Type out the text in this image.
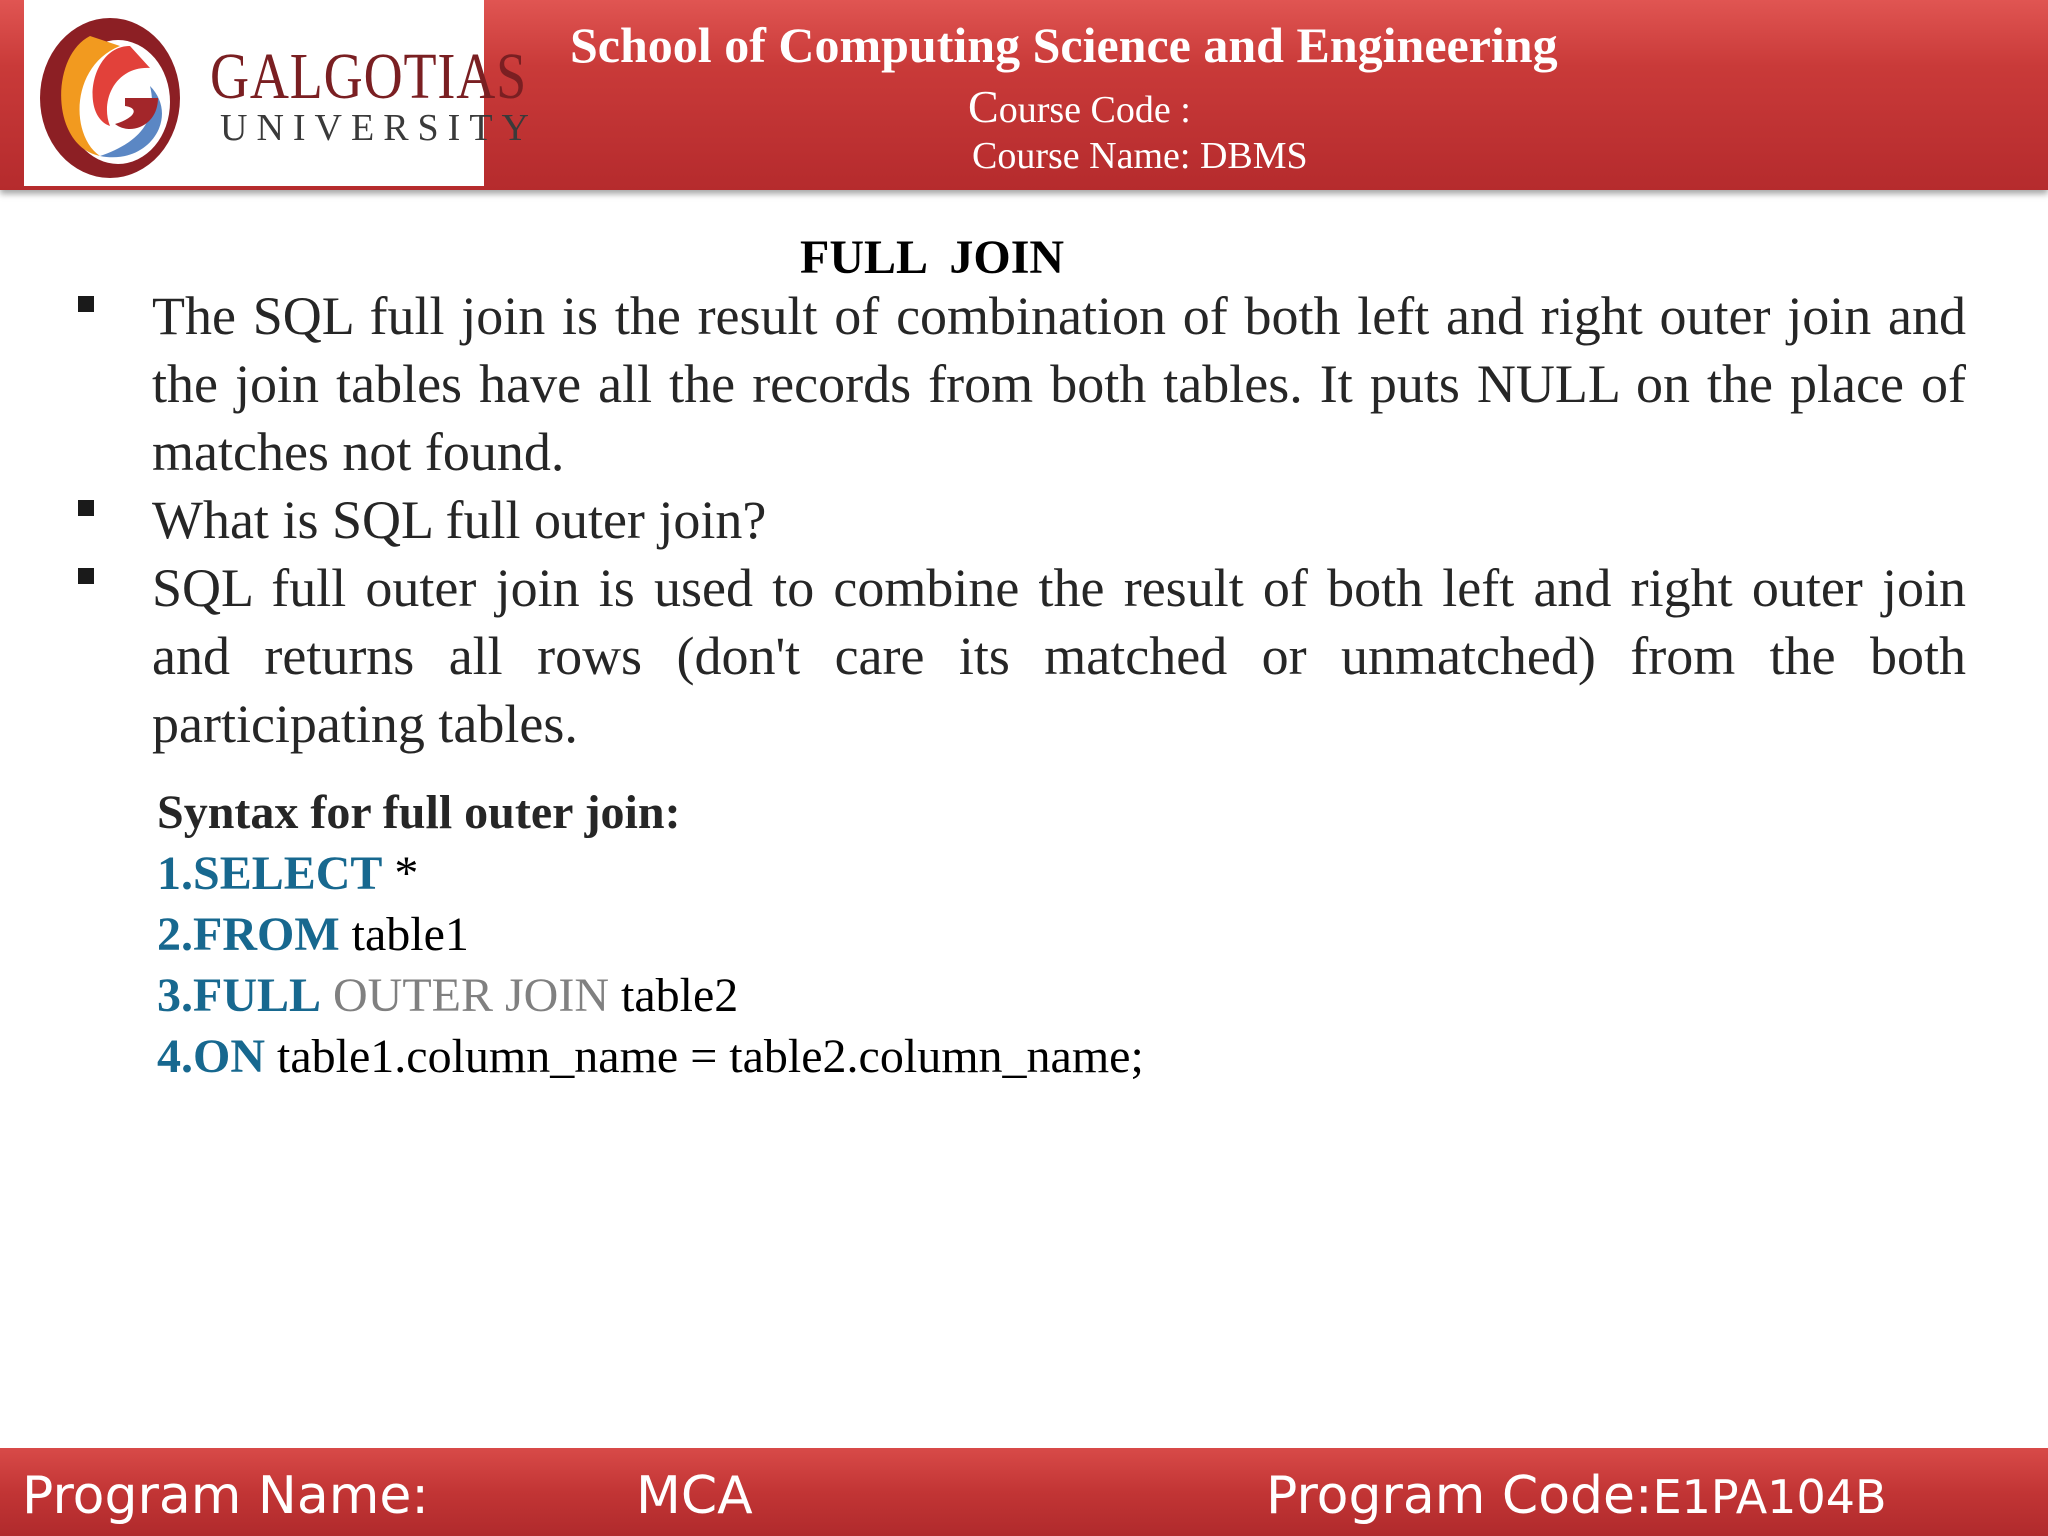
GALGOTIAS
UNIVERSITY
School of Computing Science and Engineering
Course Code :
Course Name: DBMS
FULL  JOIN
The SQL full join is the result of combination of both left and right outer join and the join tables have all the records from both tables. It puts NULL on the place of matches not found.
What is SQL full outer join?
SQL full outer join is used to combine the result of both left and right outer join and returns all rows (don't care its matched or unmatched) from the both participating tables.
Syntax for full outer join:
1.SELECT *
2.FROM table1
3.FULL OUTER JOIN table2
4.ON table1.column_name = table2.column_name;
Program Name:	MCA	Program Code:E1PA104B
